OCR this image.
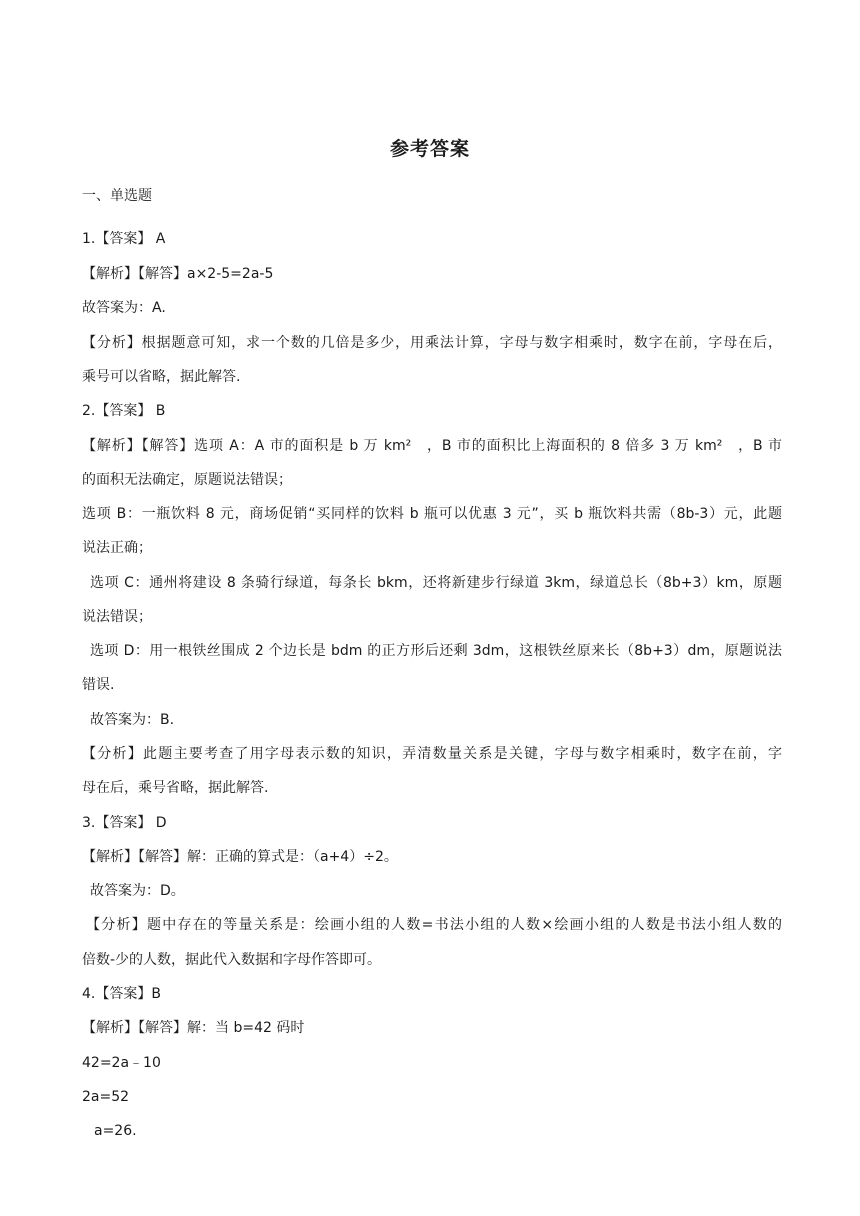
参考答案
一、单选题
1.【答案】 A
【解析】【解答】a×2-5=2a-5
故答案为：A.
【分析】根据题意可知，求一个数的几倍是多少，用乘法计算，字母与数字相乘时，数字在前，字母在后，
乘号可以省略，据此解答.
2.【答案】 B
【解析】【解答】选项 A：A 市的面积是 b 万 km²　，B 市的面积比上海面积的 8 倍多 3 万 km²　，B 市
的面积无法确定，原题说法错误；
选项 B：一瓶饮料 8 元，商场促销“买同样的饮料 b 瓶可以优惠 3 元”，买 b 瓶饮料共需（8b-3）元，此题
说法正确；
选项 C：通州将建设 8 条骑行绿道，每条长 bkm，还将新建步行绿道 3km，绿道总长（8b+3）km，原题
说法错误；
选项 D：用一根铁丝围成 2 个边长是 bdm 的正方形后还剩 3dm，这根铁丝原来长（8b+3）dm，原题说法
错误.
故答案为：B.
【分析】此题主要考查了用字母表示数的知识，弄清数量关系是关键，字母与数字相乘时，数字在前，字
母在后，乘号省略，据此解答.
3.【答案】 D
【解析】【解答】解：正确的算式是：（a+4）÷2。
故答案为：D。
【分析】题中存在的等量关系是：绘画小组的人数=书法小组的人数×绘画小组的人数是书法小组人数的
倍数-少的人数，据此代入数据和字母作答即可。
4.【答案】B
【解析】【解答】解：当 b=42 码时
42=2a﹣10
2a=52
a=26.
